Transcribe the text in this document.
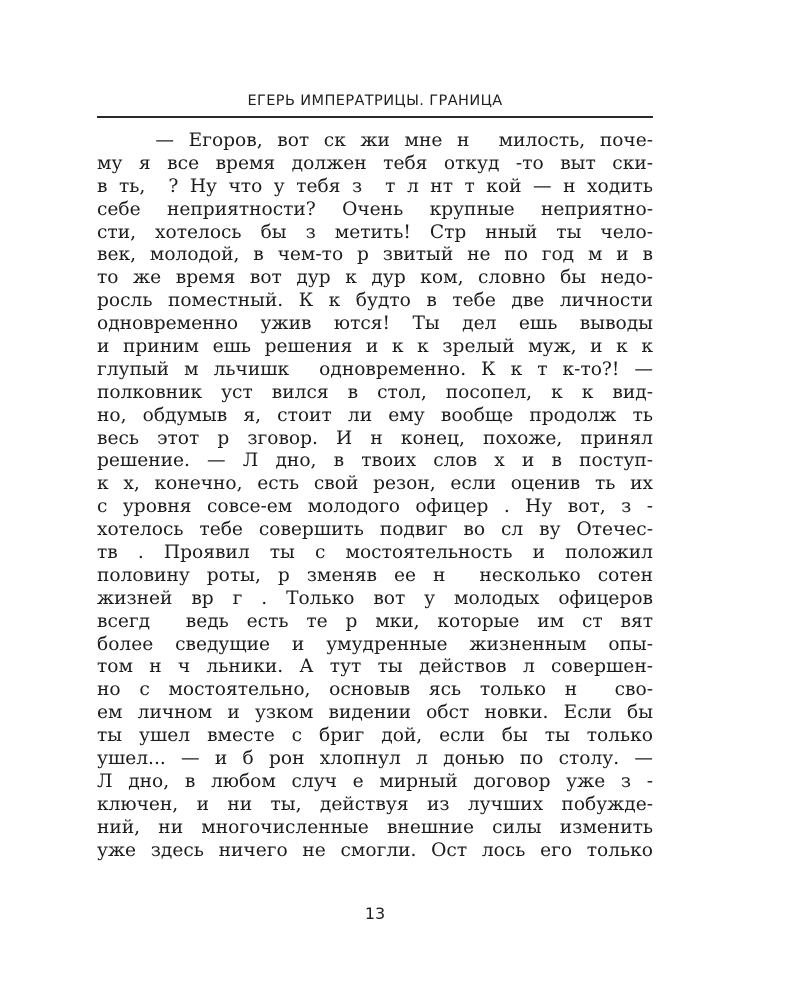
ЕГЕРЬ ИМПЕРАТРИЦЫ. ГРАНИЦА
— Егоров, вот ск жи мне н  милость, поче-
му я все время должен тебя откуд -то выт ски-
в ть,  ? Ну что у тебя з  т л нт т кой — н ходить
себе неприятности? Очень крупные неприятно-
сти, хотелось бы з метить! Стр нный ты чело-
век, молодой, в чем-то р звитый не по год м и в
то же время вот дур к дур ком, словно бы недо-
росль поместный. К к будто в тебе две личности
одновременно ужив ются! Ты дел ешь выводы
и приним ешь решения и к к зрелый муж, и к к
глупый м льчишк  одновременно. К к т к-то?! —
полковник уст вился в стол, посопел, к к вид-
но, обдумыв я, стоит ли ему вообще продолж ть
весь этот р зговор. И н конец, похоже, принял
решение. — Л дно, в твоих слов х и в поступ-
к х, конечно, есть свой резон, если оценив ть их
с уровня совсе-ем молодого офицер . Ну вот, з -
хотелось тебе совершить подвиг во сл ву Отечес-
тв . Проявил ты с мостоятельность и положил
половину роты, р зменяв ее н  несколько сотен
жизней вр г . Только вот у молодых офицеров
всегд  ведь есть те р мки, которые им ст вят
более сведущие и умудренные жизненным опы-
том н ч льники. А тут ты действов л совершен-
но с мостоятельно, основыв ясь только н  сво-
ем личном и узком видении обст новки. Если бы
ты ушел вместе с бриг дой, если бы ты только
ушел... — и б рон хлопнул л донью по столу. —
Л дно, в любом случ е мирный договор уже з -
ключен, и ни ты, действуя из лучших побужде-
ний, ни многочисленные внешние силы изменить
уже здесь ничего не смогли. Ост лось его только
13
